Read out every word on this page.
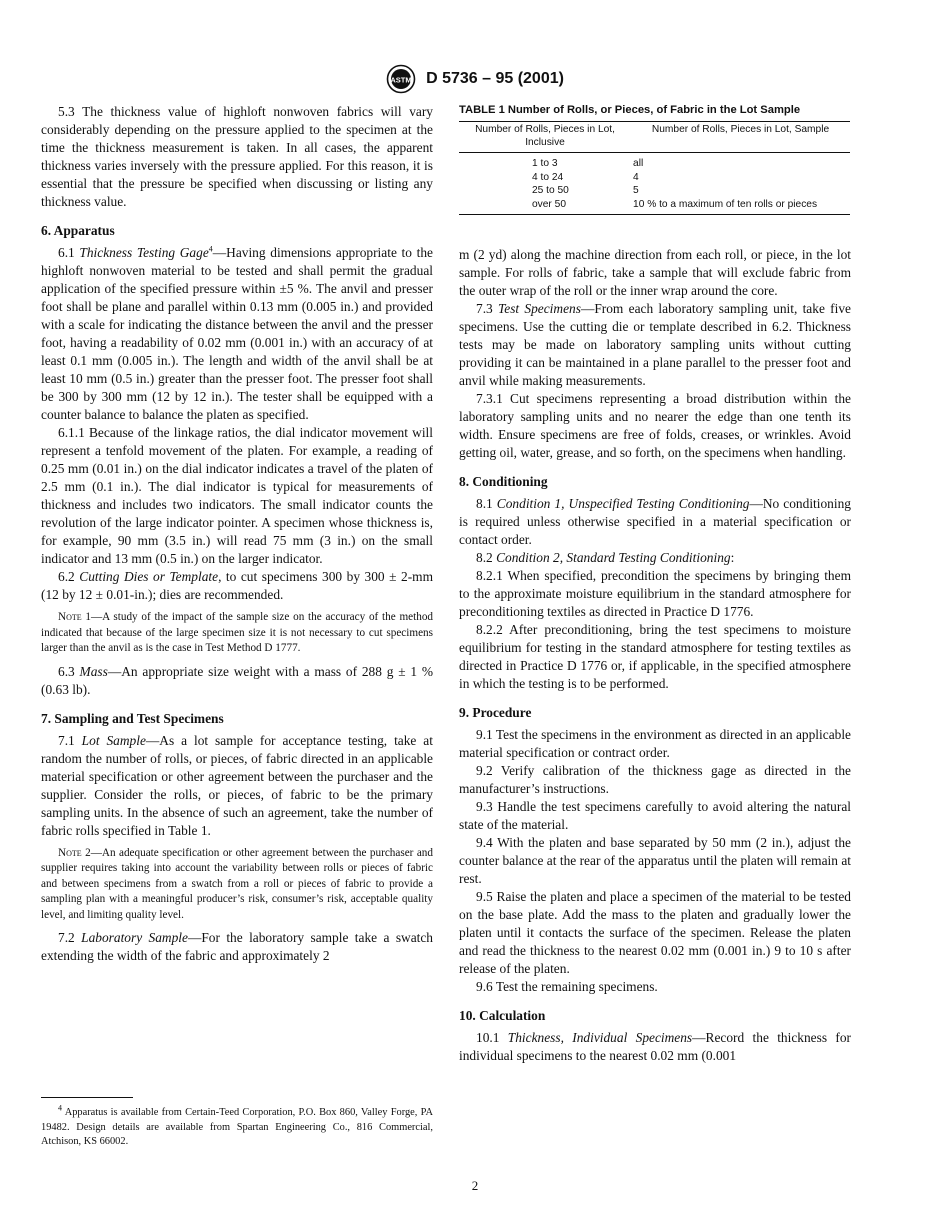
ASTM D 5736 – 95 (2001)

5.3 The thickness value of highloft nonwoven fabrics will vary considerably depending on the pressure applied to the specimen at the time the thickness measurement is taken. In all cases, the apparent thickness varies inversely with the pressure applied. For this reason, it is essential that the pressure be specified when discussing or listing any thickness value.

6. Apparatus

6.1 Thickness Testing Gage$^4$—Having dimensions appropriate to the highloft nonwoven material to be tested and shall permit the gradual application of the specified pressure within ±5 %. The anvil and presser foot shall be plane and parallel within 0.13 mm (0.005 in.) and provided with a scale for indicating the distance between the anvil and the presser foot, having a readability of 0.02 mm (0.001 in.) with an accuracy of at least 0.1 mm (0.005 in.). The length and width of the anvil shall be at least 10 mm (0.5 in.) greater than the presser foot. The presser foot shall be 300 by 300 mm (12 by 12 in.). The tester shall be equipped with a counter balance to balance the platen as specified.

6.1.1 Because of the linkage ratios, the dial indicator movement will represent a tenfold movement of the platen. For example, a reading of 0.25 mm (0.01 in.) on the dial indicator indicates a travel of the platen of 2.5 mm (0.1 in.). The dial indicator is typical for measurements of thickness and includes two indicators. The small indicator counts the revolution of the large indicator pointer. A specimen whose thickness is, for example, 90 mm (3.5 in.) will read 75 mm (3 in.) on the small indicator and 13 mm (0.5 in.) on the larger indicator.

6.2 Cutting Dies or Template, to cut specimens 300 by 300 ± 2-mm (12 by 12 ± 0.01-in.); dies are recommended.

Note 1—A study of the impact of the sample size on the accuracy of the method indicated that because of the large specimen size it is not necessary to cut specimens larger than the anvil as is the case in Test Method D 1777.

6.3 Mass—An appropriate size weight with a mass of 288 g ± 1 % (0.63 lb).

7. Sampling and Test Specimens

7.1 Lot Sample—As a lot sample for acceptance testing, take at random the number of rolls, or pieces, of fabric directed in an applicable material specification or other agreement between the purchaser and the supplier. Consider the rolls, or pieces, of fabric to be the primary sampling units. In the absence of such an agreement, take the number of fabric rolls specified in Table 1.

Note 2—An adequate specification or other agreement between the purchaser and supplier requires taking into account the variability between rolls or pieces of fabric and between specimens from a swatch from a roll or pieces of fabric to provide a sampling plan with a meaningful producer’s risk, consumer’s risk, acceptable quality level, and limiting quality level.

7.2 Laboratory Sample—For the laboratory sample take a swatch extending the width of the fabric and approximately 2

TABLE 1 Number of Rolls, or Pieces, of Fabric in the Lot Sample
Number of Rolls, Pieces in Lot, Inclusive	Number of Rolls, Pieces in Lot, Sample
1 to 3	all
4 to 24	4
25 to 50	5
over 50	10 % to a maximum of ten rolls or pieces

m (2 yd) along the machine direction from each roll, or piece, in the lot sample. For rolls of fabric, take a sample that will exclude fabric from the outer wrap of the roll or the inner wrap around the core.

7.3 Test Specimens—From each laboratory sampling unit, take five specimens. Use the cutting die or template described in 6.2. Thickness tests may be made on laboratory sampling units without cutting providing it can be maintained in a plane parallel to the presser foot and anvil while making measurements.

7.3.1 Cut specimens representing a broad distribution within the laboratory sampling units and no nearer the edge than one tenth its width. Ensure specimens are free of folds, creases, or wrinkles. Avoid getting oil, water, grease, and so forth, on the specimens when handling.

8. Conditioning

8.1 Condition 1, Unspecified Testing Conditioning—No conditioning is required unless otherwise specified in a material specification or contact order.

8.2 Condition 2, Standard Testing Conditioning:

8.2.1 When specified, precondition the specimens by bringing them to the approximate moisture equilibrium in the standard atmosphere for preconditioning textiles as directed in Practice D 1776.

8.2.2 After preconditioning, bring the test specimens to moisture equilibrium for testing in the standard atmosphere for testing textiles as directed in Practice D 1776 or, if applicable, in the specified atmosphere in which the testing is to be performed.

9. Procedure

9.1 Test the specimens in the environment as directed in an applicable material specification or contract order.

9.2 Verify calibration of the thickness gage as directed in the manufacturer’s instructions.

9.3 Handle the test specimens carefully to avoid altering the natural state of the material.

9.4 With the platen and base separated by 50 mm (2 in.), adjust the counter balance at the rear of the apparatus until the platen will remain at rest.

9.5 Raise the platen and place a specimen of the material to be tested on the base plate. Add the mass to the platen and gradually lower the platen until it contacts the surface of the specimen. Release the platen and read the thickness to the nearest 0.02 mm (0.001 in.) 9 to 10 s after release of the platen.

9.6 Test the remaining specimens.

10. Calculation

10.1 Thickness, Individual Specimens—Record the thickness for individual specimens to the nearest 0.02 mm (0.001

$^4$ Apparatus is available from Certain-Teed Corporation, P.O. Box 860, Valley Forge, PA 19482. Design details are available from Spartan Engineering Co., 816 Commercial, Atchison, KS 66002.
2
